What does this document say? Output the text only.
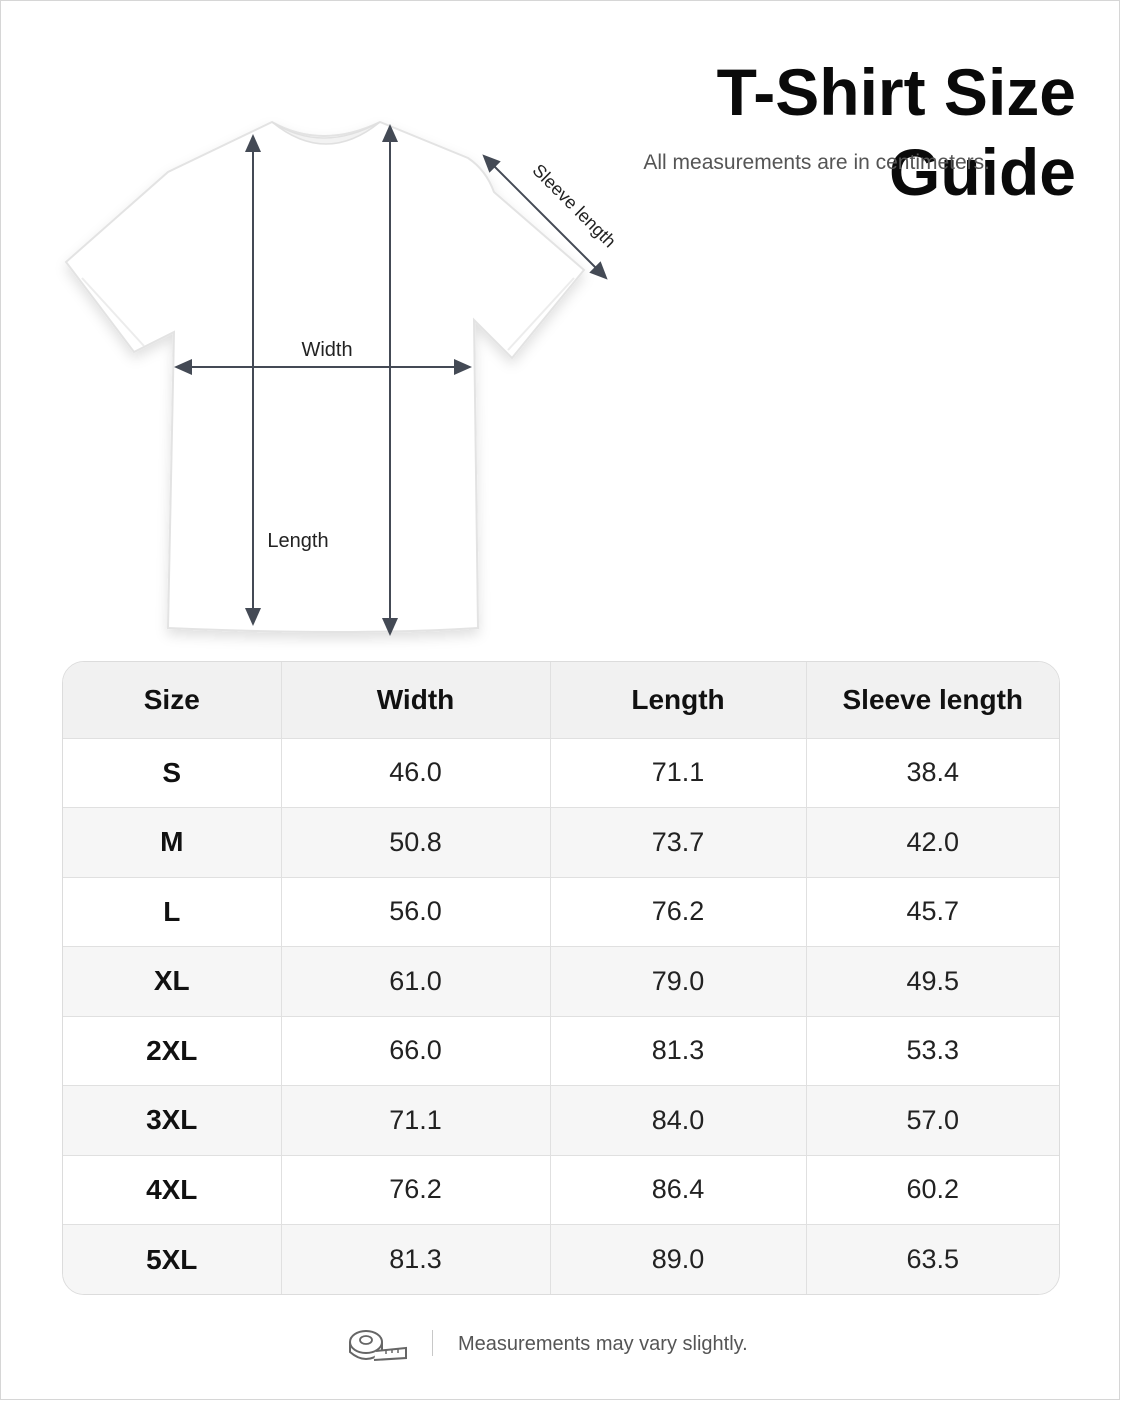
T-Shirt Size Guide
All measurements are in centimeters.
Width
Length
Sleeve length
Size	Width	Length	Sleeve length
S	46.0	71.1	38.4
M	50.8	73.7	42.0
L	56.0	76.2	45.7
XL	61.0	79.0	49.5
2XL	66.0	81.3	53.3
3XL	71.1	84.0	57.0
4XL	76.2	86.4	60.2
5XL	81.3	89.0	63.5
Measurements may vary slightly.
